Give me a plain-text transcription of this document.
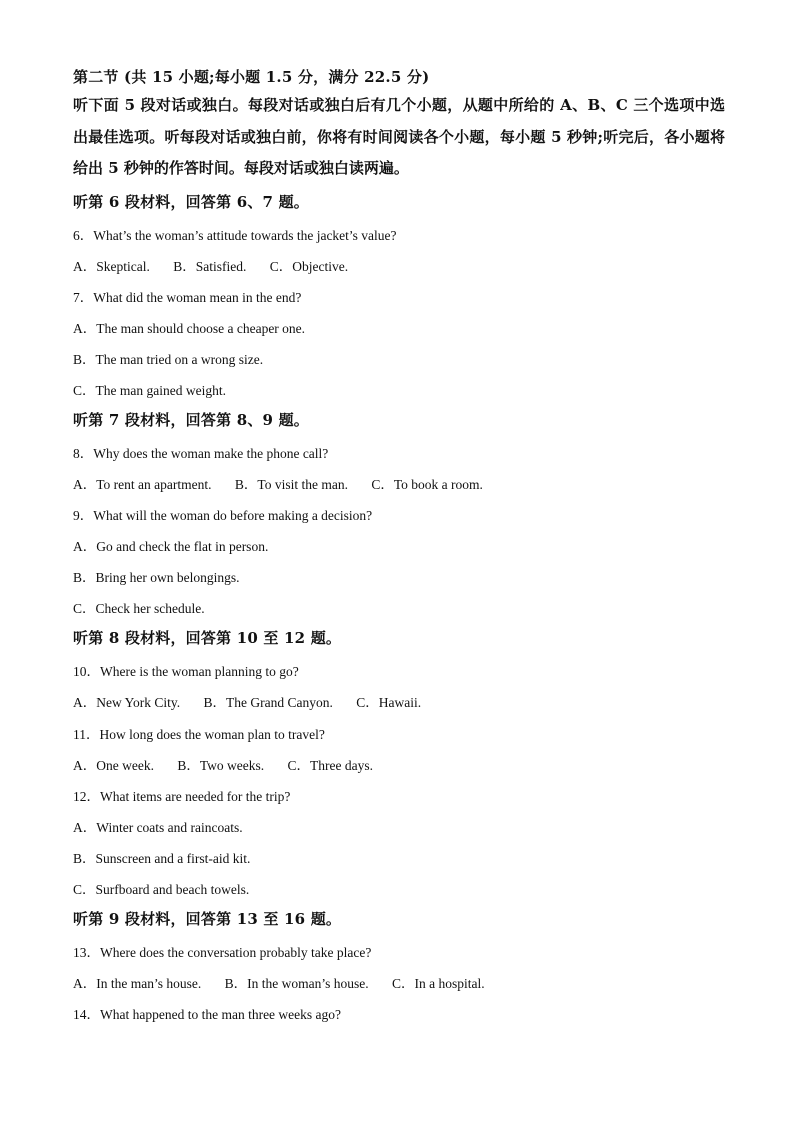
第二节 (共 15 小题;每小题 1.5 分，满分 22.5 分)
听下面 5 段对话或独白。每段对话或独白后有几个小题，从题中所给的 A、B、C 三个选项中选出最佳选项。听每段对话或独白前，你将有时间阅读各个小题，每小题 5 秒钟;听完后，各小题将给出 5 秒钟的作答时间。每段对话或独白读两遍。
听第 6 段材料，回答第 6、7 题。
6．What’s the woman’s attitude towards the jacket’s value?
A．Skeptical. B．Satisfied. C．Objective.
7．What did the woman mean in the end?
A．The man should choose a cheaper one.
B．The man tried on a wrong size.
C．The man gained weight.
听第 7 段材料，回答第 8、9 题。
8．Why does the woman make the phone call?
A．To rent an apartment. B．To visit the man. C．To book a room.
9．What will the woman do before making a decision?
A．Go and check the flat in person.
B．Bring her own belongings.
C．Check her schedule.
听第 8 段材料，回答第 10 至 12 题。
10．Where is the woman planning to go?
A．New York City. B．The Grand Canyon. C．Hawaii.
11．How long does the woman plan to travel?
A．One week. B．Two weeks. C．Three days.
12．What items are needed for the trip?
A．Winter coats and raincoats.
B．Sunscreen and a first-aid kit.
C．Surfboard and beach towels.
听第 9 段材料，回答第 13 至 16 题。
13．Where does the conversation probably take place?
A．In the man’s house. B．In the woman’s house. C．In a hospital.
14．What happened to the man three weeks ago?
